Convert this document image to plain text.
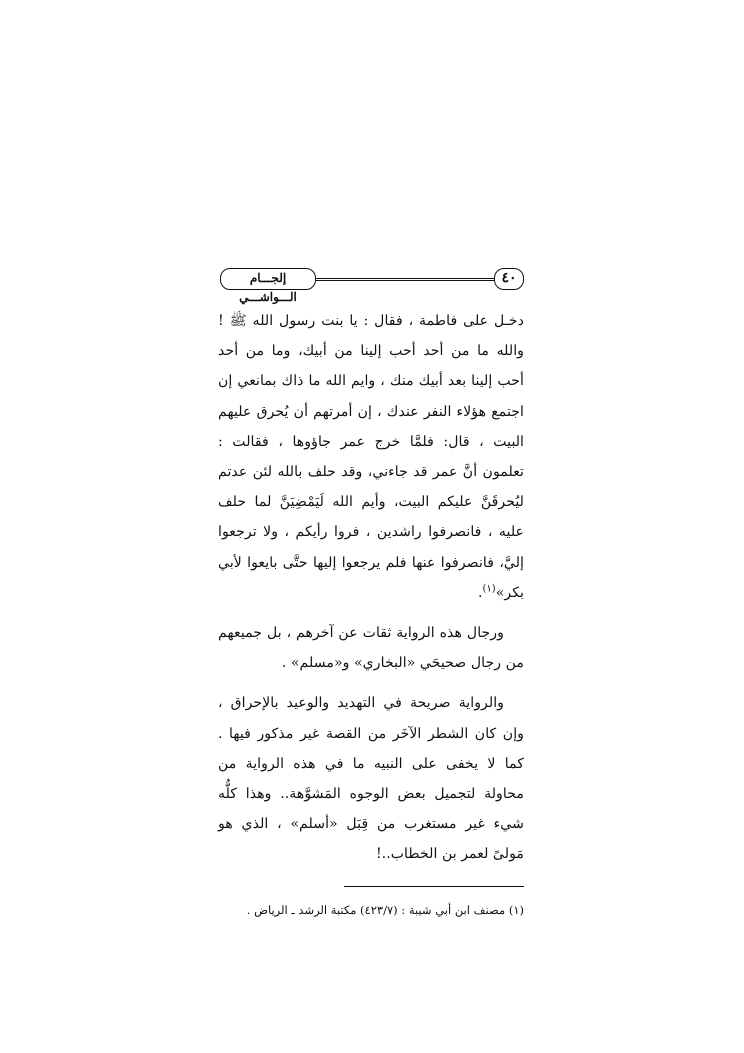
٤٠
إلجـــام الـــواشـــي

دخـل على فاطمة ، فقال : يا بنت رسول الله ﷺ ! والله ما من أحد أحب إلينا من أبيك، وما من أحد أحب إلينا بعد أبيك منك ، وايم الله ما ذاك بمانعي إن اجتمع هؤلاء النفر عندك ، إن أمرتهم أن يُحرق عليهم البيت ، قال: فلمَّا خرج عمر جاؤوها ، فقالت : تعلمون أنَّ عمر قد جاءني، وقد حلف بالله لئن عدتم ليُحرقَنَّ عليكم البيت، وأيم الله لَيَمْضِيَنَّ لما حلف عليه ، فانصرفوا راشدين ، فروا رأيكم ، ولا ترجعوا إليَّ، فانصرفوا عنها فلم يرجعوا إليها حتَّى بايعوا لأبي بكر»$^{(١)}$.

ورجال هذه الرواية ثقات عن آخرهم ، بل جميعهم من رجال صحيحَي «البخاري» و«مسلم» .

والرواية صريحة في التهديد والوعيد بالإحراق ، وإن كان الشطر الآخَر من القصة غير مذكور فيها . كما لا يخفى على النبيه ما في هذه الرواية من محاولة لتجميل بعض الوجوه المَشوَّهة.. وهذا كلُّه شيء غير مستغرب من قِبَل «أسلم» ، الذي هو مَولىً لعمر بن الخطاب..!

(١) مصنف ابن أبي شيبة : (٤٢٣/٧) مكتبة الرشد ـ الرياض .
